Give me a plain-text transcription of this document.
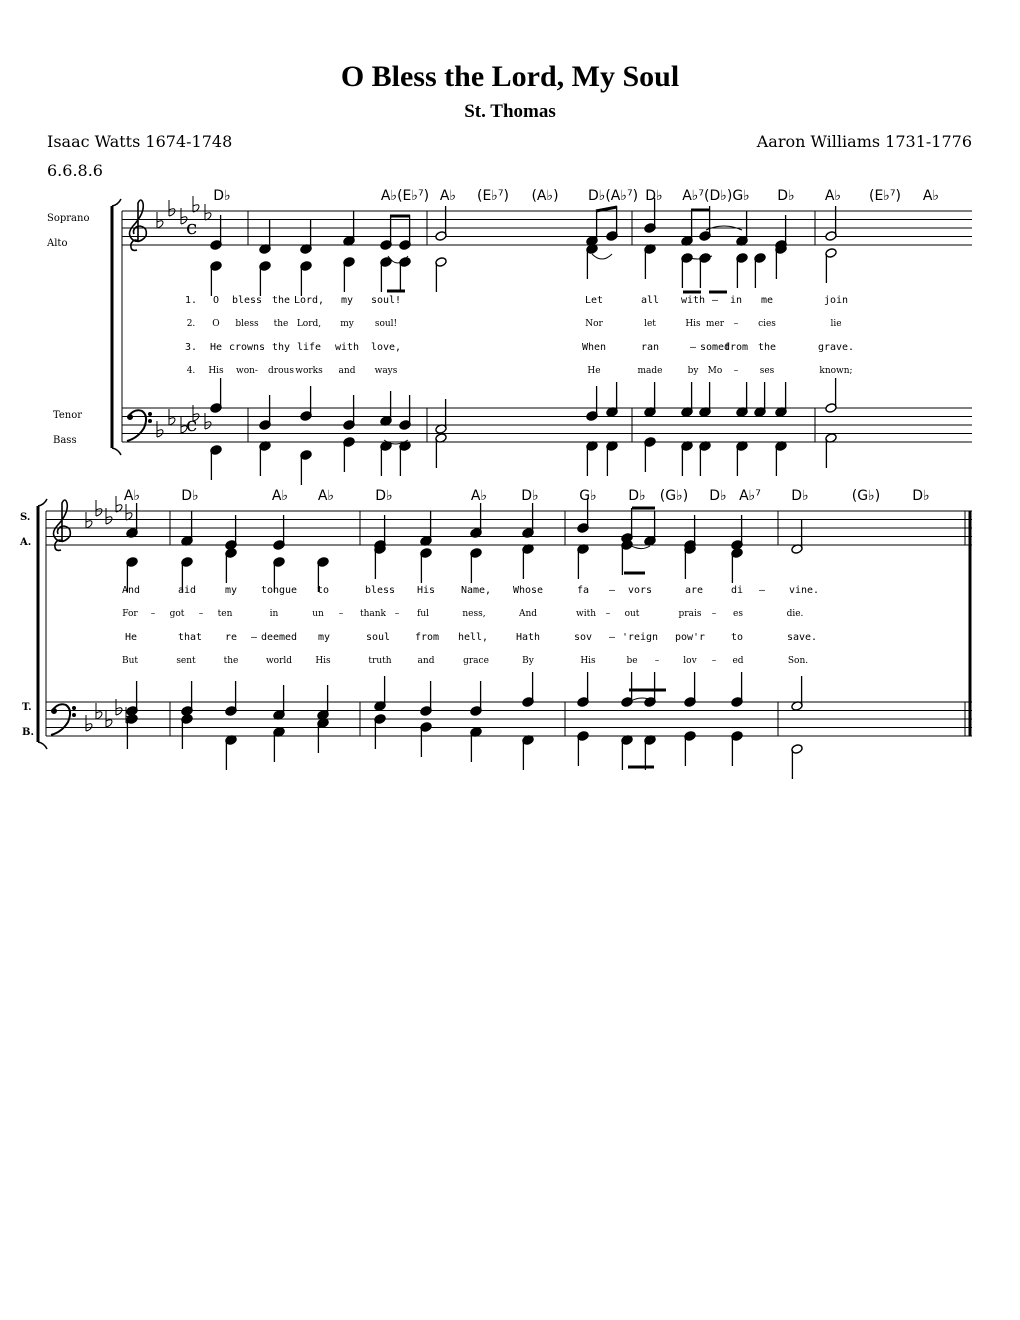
O Bless the Lord, My Soul
St. Thomas
Isaac Watts 1674-1748	Aaron Williams 1731-1776
6.6.8.6
c
c
Soprano
Alto
Tenor
Bass
S.
A.
T.
B.
D♭	A♭(E♭⁷) A♭ (E♭⁷) (A♭) D♭(A♭⁷) D♭ A♭⁷(D♭)G♭ D♭ A♭ (E♭⁷) A♭
A♭	D♭	A♭ A♭	D♭	A♭ D♭	G♭ D♭ (G♭) D♭ A♭⁷ D♭	(G♭) D♭
1. O bless the Lord, my soul!	Let	all with – in me	join
2. O bless the Lord, my soul!	Nor	let	His mer – cies	lie
3. He crowns thy life with love,	When	ran	– somed
from the	grave.
4. His won- drous works and ways	He	made	by Mo – ses	known;
And	aid	my tongue to	bless His	Name, Whose	fa – vors	are	di – vine.
For – got – ten	in	un – thank – ful	ness,	And	with – out	prais – es	die.
He	that re – deemed my	soul from hell,	Hath	sov – 'reign pow'r	to	save.
But	sent	the	world	His	truth	and	grace	By	His	be –	lov – ed	Son.
